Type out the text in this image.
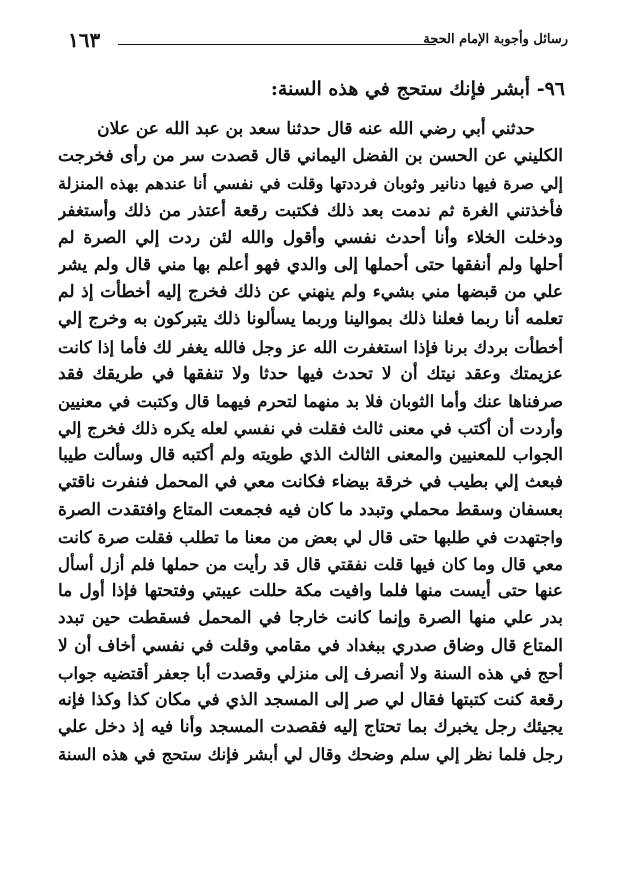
رسائل وأجوبة الإمام الحجة
١٦٣
٩٦- أبشر فإنك ستحج في هذه السنة:
حدثني أبي رضي الله عنه قال حدثنا سعد بن عبد الله عن علان
الكليني عن الحسن بن الفضل اليماني قال قصدت سر من رأى فخرجت
إلي صرة فيها دنانير وثوبان فرددتها وقلت في نفسي أنا عندهم بهذه المنزلة
فأخذتني الغرة ثم ندمت بعد ذلك فكتبت رقعة أعتذر من ذلك وأستغفر
ودخلت الخلاء وأنا أحدث نفسي وأقول والله لئن ردت إلي الصرة لم
أحلها ولم أنفقها حتى أحملها إلى والدي فهو أعلم بها مني قال ولم يشر
علي من قبضها مني بشيء ولم ينهني عن ذلك فخرج إليه أخطأت إذ لم
تعلمه أنا ربما فعلنا ذلك بموالينا وربما يسألونا ذلك يتبركون به وخرج إلي
أخطأت بردك برنا فإذا استغفرت الله عز وجل فالله يغفر لك فأما إذا كانت
عزيمتك وعقد نيتك أن لا تحدث فيها حدثا ولا تنفقها في طريقك فقد
صرفناها عنك وأما الثوبان فلا بد منهما لتحرم فيهما قال وكتبت في معنيين
وأردت أن أكتب في معنى ثالث فقلت في نفسي لعله يكره ذلك فخرج إلي
الجواب للمعنيين والمعنى الثالث الذي طويته ولم أكتبه قال وسألت طيبا
فبعث إلي بطيب في خرقة بيضاء فكانت معي في المحمل فنفرت ناقتي
بعسفان وسقط محملي وتبدد ما كان فيه فجمعت المتاع وافتقدت الصرة
واجتهدت في طلبها حتى قال لي بعض من معنا ما تطلب فقلت صرة كانت
معي قال وما كان فيها قلت نفقتي قال قد رأيت من حملها فلم أزل أسأل
عنها حتى أيست منها فلما وافيت مكة حللت عيبتي وفتحتها فإذا أول ما
بدر علي منها الصرة وإنما كانت خارجا في المحمل فسقطت حين تبدد
المتاع قال وضاق صدري ببغداد في مقامي وقلت في نفسي أخاف أن لا
أحج في هذه السنة ولا أنصرف إلى منزلي وقصدت أبا جعفر أقتضيه جواب
رقعة كنت كتبتها فقال لي صر إلى المسجد الذي في مكان كذا وكذا فإنه
يجيئك رجل يخبرك بما تحتاج إليه فقصدت المسجد وأنا فيه إذ دخل علي
رجل فلما نظر إلي سلم وضحك وقال لي أبشر فإنك ستحج في هذه السنة
